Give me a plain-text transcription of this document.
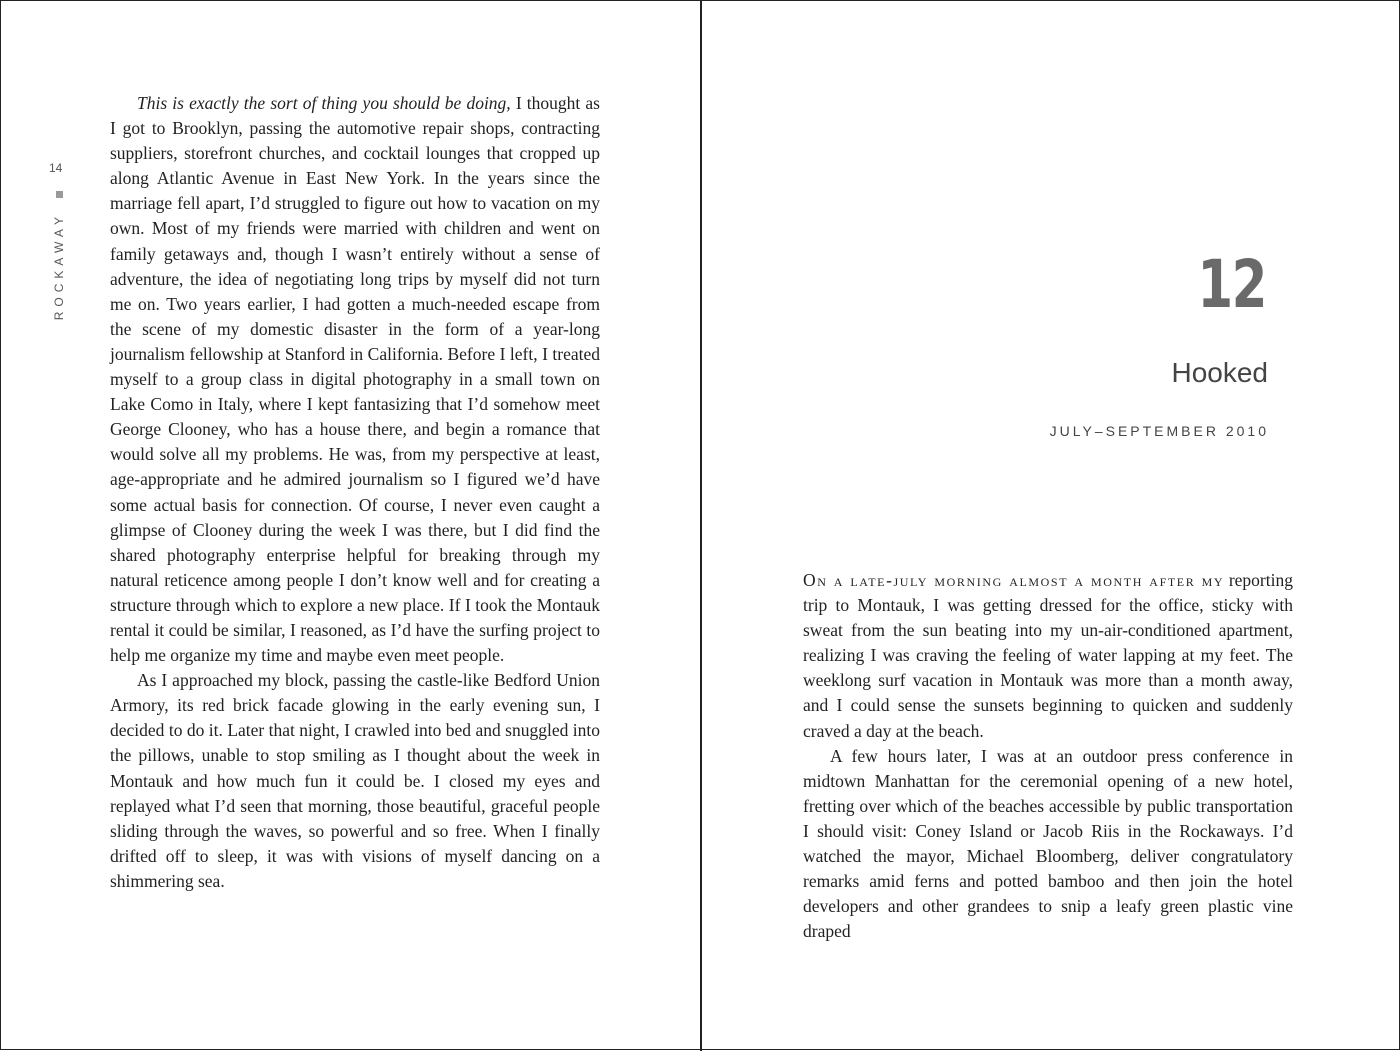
14
ROCKAWAY

This is exactly the sort of thing you should be doing, I thought as I got to Brooklyn, passing the automotive repair shops, contracting suppliers, storefront churches, and cocktail lounges that cropped up along Atlantic Avenue in East New York. In the years since the marriage fell apart, I’d struggled to figure out how to vacation on my own. Most of my friends were married with children and went on family getaways and, though I wasn’t entirely without a sense of adventure, the idea of negotiating long trips by myself did not turn me on. Two years earlier, I had gotten a much-needed escape from the scene of my domestic disaster in the form of a year-long journalism fellowship at Stanford in California. Before I left, I treated myself to a group class in digital photography in a small town on Lake Como in Italy, where I kept fantasizing that I’d somehow meet George Clooney, who has a house there, and begin a romance that would solve all my problems. He was, from my perspective at least, age-appropriate and he admired journalism so I figured we’d have some actual basis for connection. Of course, I never even caught a glimpse of Clooney during the week I was there, but I did find the shared photography enterprise helpful for breaking through my natural reticence among people I don’t know well and for creating a structure through which to explore a new place. If I took the Montauk rental it could be similar, I reasoned, as I’d have the surfing project to help me organize my time and maybe even meet people.

As I approached my block, passing the castle-like Bedford Union Armory, its red brick facade glowing in the early evening sun, I decided to do it. Later that night, I crawled into bed and snuggled into the pillows, unable to stop smiling as I thought about the week in Montauk and how much fun it could be. I closed my eyes and replayed what I’d seen that morning, those beautiful, graceful people sliding through the waves, so powerful and so free. When I finally drifted off to sleep, it was with visions of myself dancing on a shimmering sea.

12
Hooked
JULY–SEPTEMBER 2010

On a late-july morning almost a month after my reporting trip to Montauk, I was getting dressed for the office, sticky with sweat from the sun beating into my un-air-conditioned apartment, realizing I was craving the feeling of water lapping at my feet. The weeklong surf vacation in Montauk was more than a month away, and I could sense the sunsets beginning to quicken and suddenly craved a day at the beach.

A few hours later, I was at an outdoor press conference in midtown Manhattan for the ceremonial opening of a new hotel, fretting over which of the beaches accessible by public transportation I should visit: Coney Island or Jacob Riis in the Rockaways. I’d watched the mayor, Michael Bloomberg, deliver congratulatory remarks amid ferns and potted bamboo and then join the hotel developers and other grandees to snip a leafy green plastic vine draped
